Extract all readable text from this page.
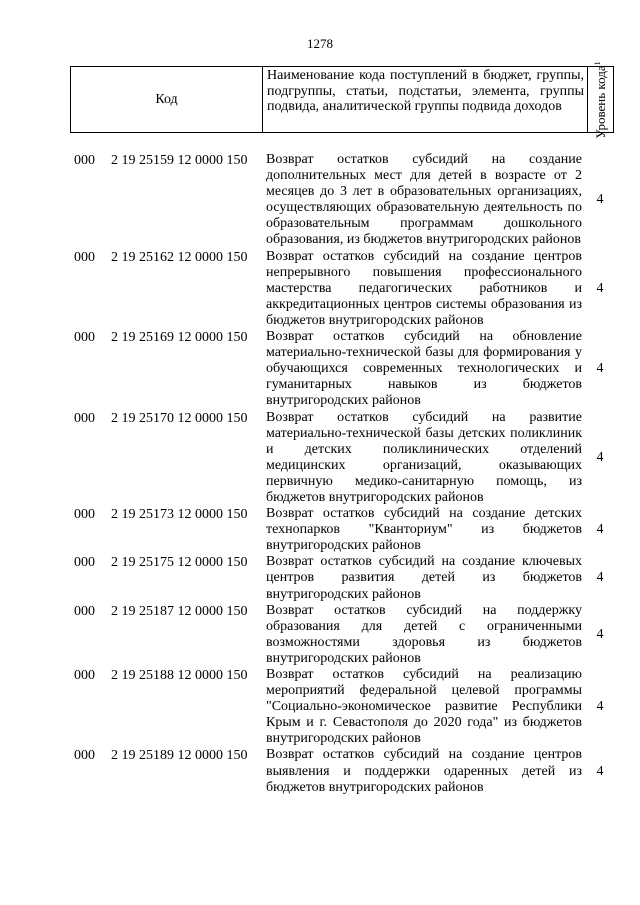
1278
Код
Наименование кода поступлений в бюджет, группы, подгруппы, статьи, подстатьи, элемента, группы подвида, аналитической группы подвида доходов	Уровень кода$^1$
000 2 19 25159 12 0000 150 Возврат остатков субсидий на создание дополнительных мест для детей в возрасте от 2 месяцев до 3 лет в образовательных организациях, осуществляющих образовательную деятельность по образовательным программам дошкольного образования, из бюджетов внутригородских районов
4
000 2 19 25162 12 0000 150 Возврат остатков субсидий на создание центров непрерывного повышения профессионального мастерства педагогических работников и аккредитационных центров системы образования из бюджетов внутригородских районов
4
000 2 19 25169 12 0000 150 Возврат остатков субсидий на обновление материально-технической базы для формирования у обучающихся современных технологических и гуманитарных навыков из бюджетов внутригородских районов
4
000 2 19 25170 12 0000 150 Возврат остатков субсидий на развитие материально-технической базы детских поликлиник и детских поликлинических отделений медицинских организаций, оказывающих первичную медико-санитарную помощь, из бюджетов внутригородских районов
4
000 2 19 25173 12 0000 150 Возврат остатков субсидий на создание детских технопарков "Кванториум" из бюджетов внутригородских районов
4
000 2 19 25175 12 0000 150 Возврат остатков субсидий на создание ключевых центров развития детей из бюджетов внутригородских районов
4
000 2 19 25187 12 0000 150 Возврат остатков субсидий на поддержку образования для детей с ограниченными возможностями здоровья из бюджетов внутригородских районов
4
000 2 19 25188 12 0000 150 Возврат остатков субсидий на реализацию мероприятий федеральной целевой программы "Социально-экономическое развитие Республики Крым и г. Севастополя до 2020 года" из бюджетов внутригородских районов
4
000 2 19 25189 12 0000 150 Возврат остатков субсидий на создание центров выявления и поддержки одаренных детей из бюджетов внутригородских районов
4
